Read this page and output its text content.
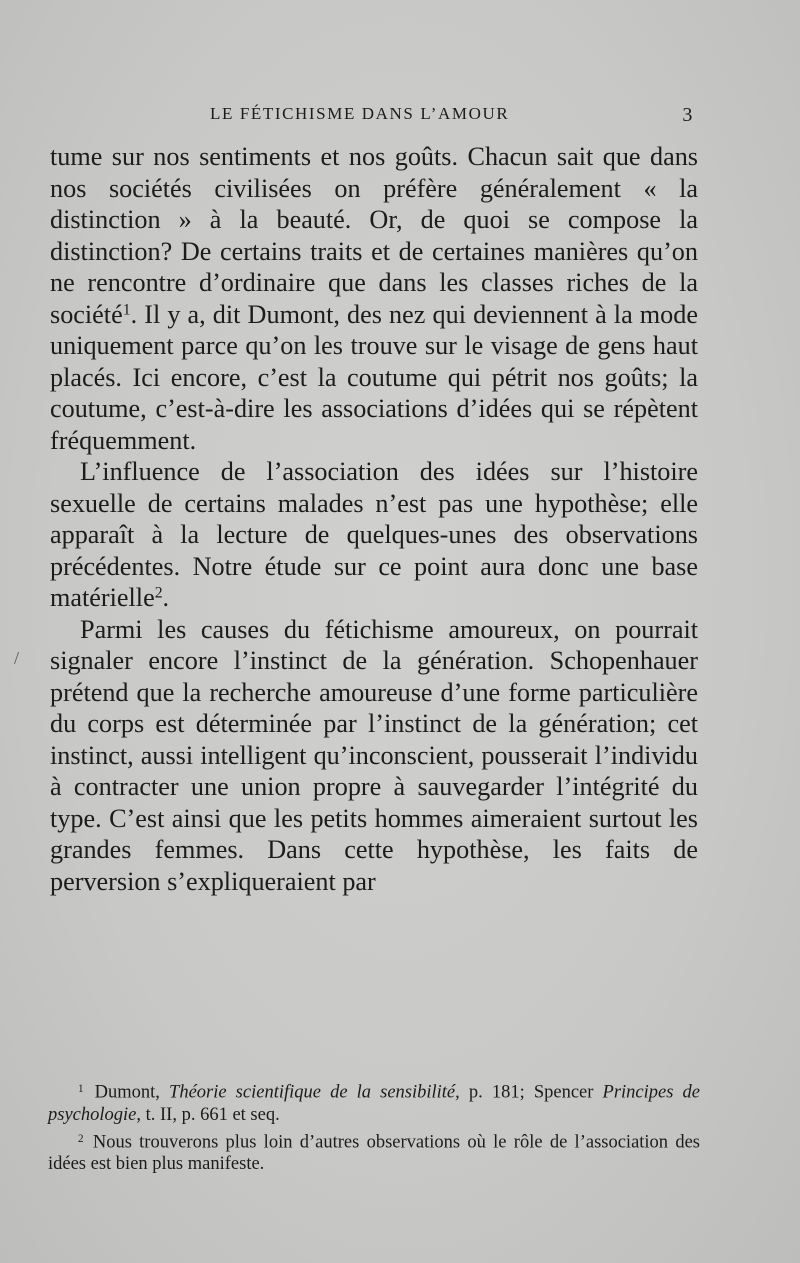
LE FÉTICHISME DANS L’AMOUR	3
/

tume sur nos sentiments et nos goûts. Chacun sait que dans nos sociétés civilisées on préfère généralement « la distinction » à la beauté. Or, de quoi se compose la distinction? De certains traits et de certaines manières qu’on ne rencontre d’ordinaire que dans les classes riches de la société$^1$. Il y a, dit Dumont, des nez qui deviennent à la mode uniquement parce qu’on les trouve sur le visage de gens haut placés. Ici encore, c’est la coutume qui pétrit nos goûts; la coutume, c’est-à-dire les associations d’idées qui se répètent fréquemment.

L’influence de l’association des idées sur l’histoire sexuelle de certains malades n’est pas une hypothèse; elle apparaît à la lecture de quelques-unes des observations précédentes. Notre étude sur ce point aura donc une base matérielle$^2$.

Parmi les causes du fétichisme amoureux, on pourrait signaler encore l’instinct de la génération. Schopenhauer prétend que la recherche amoureuse d’une forme particulière du corps est déterminée par l’instinct de la génération; cet instinct, aussi intelligent qu’inconscient, pousserait l’individu à contracter une union propre à sauvegarder l’intégrité du type. C’est ainsi que les petits hommes aimeraient surtout les grandes femmes. Dans cette hypothèse, les faits de perversion s’expliqueraient par

$^1$ Dumont, Théorie scientifique de la sensibilité, p. 181; Spencer Principes de psychologie, t. II, p. 661 et seq.

$^2$ Nous trouverons plus loin d’autres observations où le rôle de l’association des idées est bien plus manifeste.
